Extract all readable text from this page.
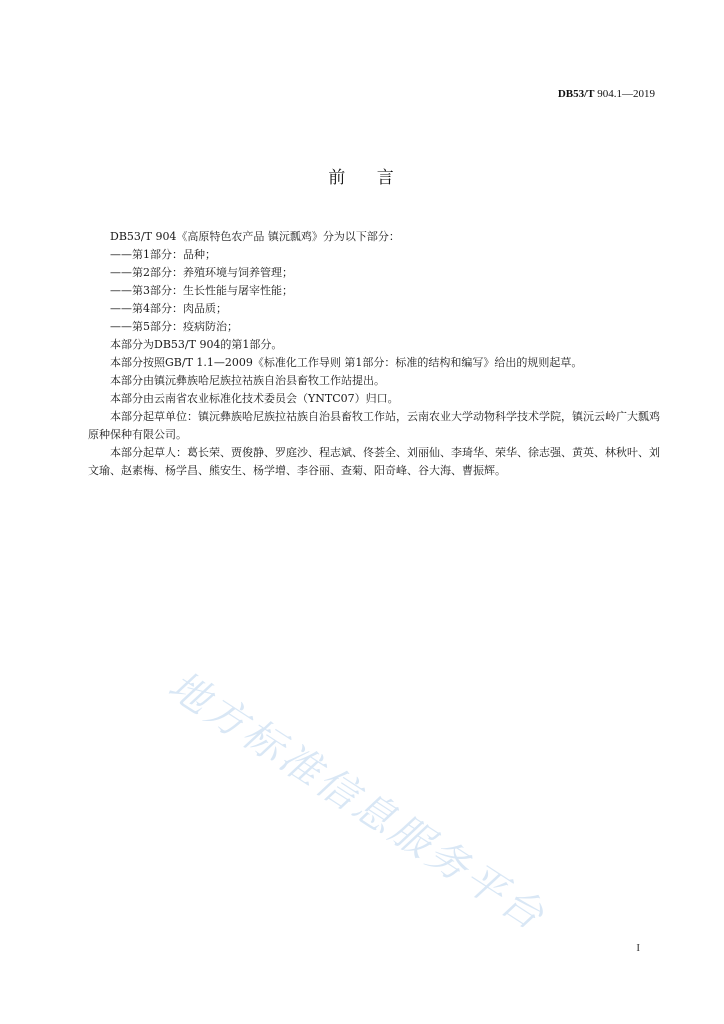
DB53/T 904.1—2019
前    言

DB53/T 904《高原特色农产品 镇沅瓢鸡》分为以下部分：

——第1部分：品种；

——第2部分：养殖环境与饲养管理；

——第3部分：生长性能与屠宰性能；

——第4部分：肉品质；

——第5部分：疫病防治；

本部分为DB53/T 904的第1部分。

本部分按照GB/T 1.1—2009《标准化工作导则 第1部分：标准的结构和编写》给出的规则起草。

本部分由镇沅彝族哈尼族拉祜族自治县畜牧工作站提出。

本部分由云南省农业标准化技术委员会（YNTC07）归口。

本部分起草单位：镇沅彝族哈尼族拉祜族自治县畜牧工作站，云南农业大学动物科学技术学院，镇沅云岭广大瓢鸡原种保种有限公司。

本部分起草人：葛长荣、贾俊静、罗庭沙、程志斌、佟荟全、刘丽仙、李琦华、荣华、徐志强、黄英、林秋叶、刘文瑜、赵素梅、杨学昌、熊安生、杨学增、李谷丽、查菊、阳奇峰、谷大海、曹振辉。

地方标准信息服务平台
I
